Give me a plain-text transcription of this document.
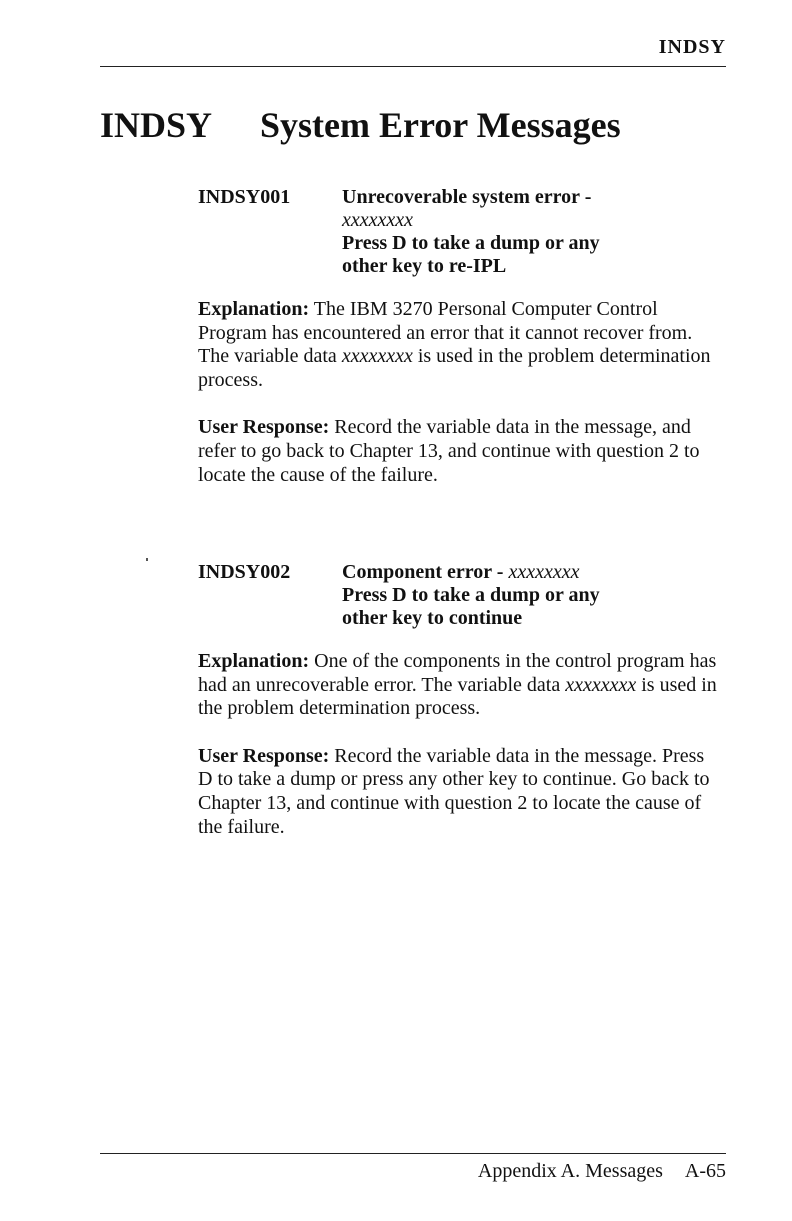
INDSY
INDSY System Error Messages
INDSY001	Unrecoverable system error -
xxxxxxxx
Press D to take a dump or any
other key to re-IPL

Explanation: The IBM 3270 Personal Computer Control Program has encountered an error that it cannot recover from. The variable data xxxxxxxx is used in the problem determination process.

User Response: Record the variable data in the message, and refer to go back to Chapter 13, and continue with question 2 to locate the cause of the failure.

INDSY002	Component error - xxxxxxxx
Press D to take a dump or any
other key to continue

Explanation: One of the components in the control program has had an unrecoverable error. The variable data xxxxxxxx is used in the problem determination process.

User Response: Record the variable data in the message. Press D to take a dump or press any other key to continue. Go back to Chapter 13, and continue with question 2 to locate the cause of the failure.

Appendix A. Messages A-65
